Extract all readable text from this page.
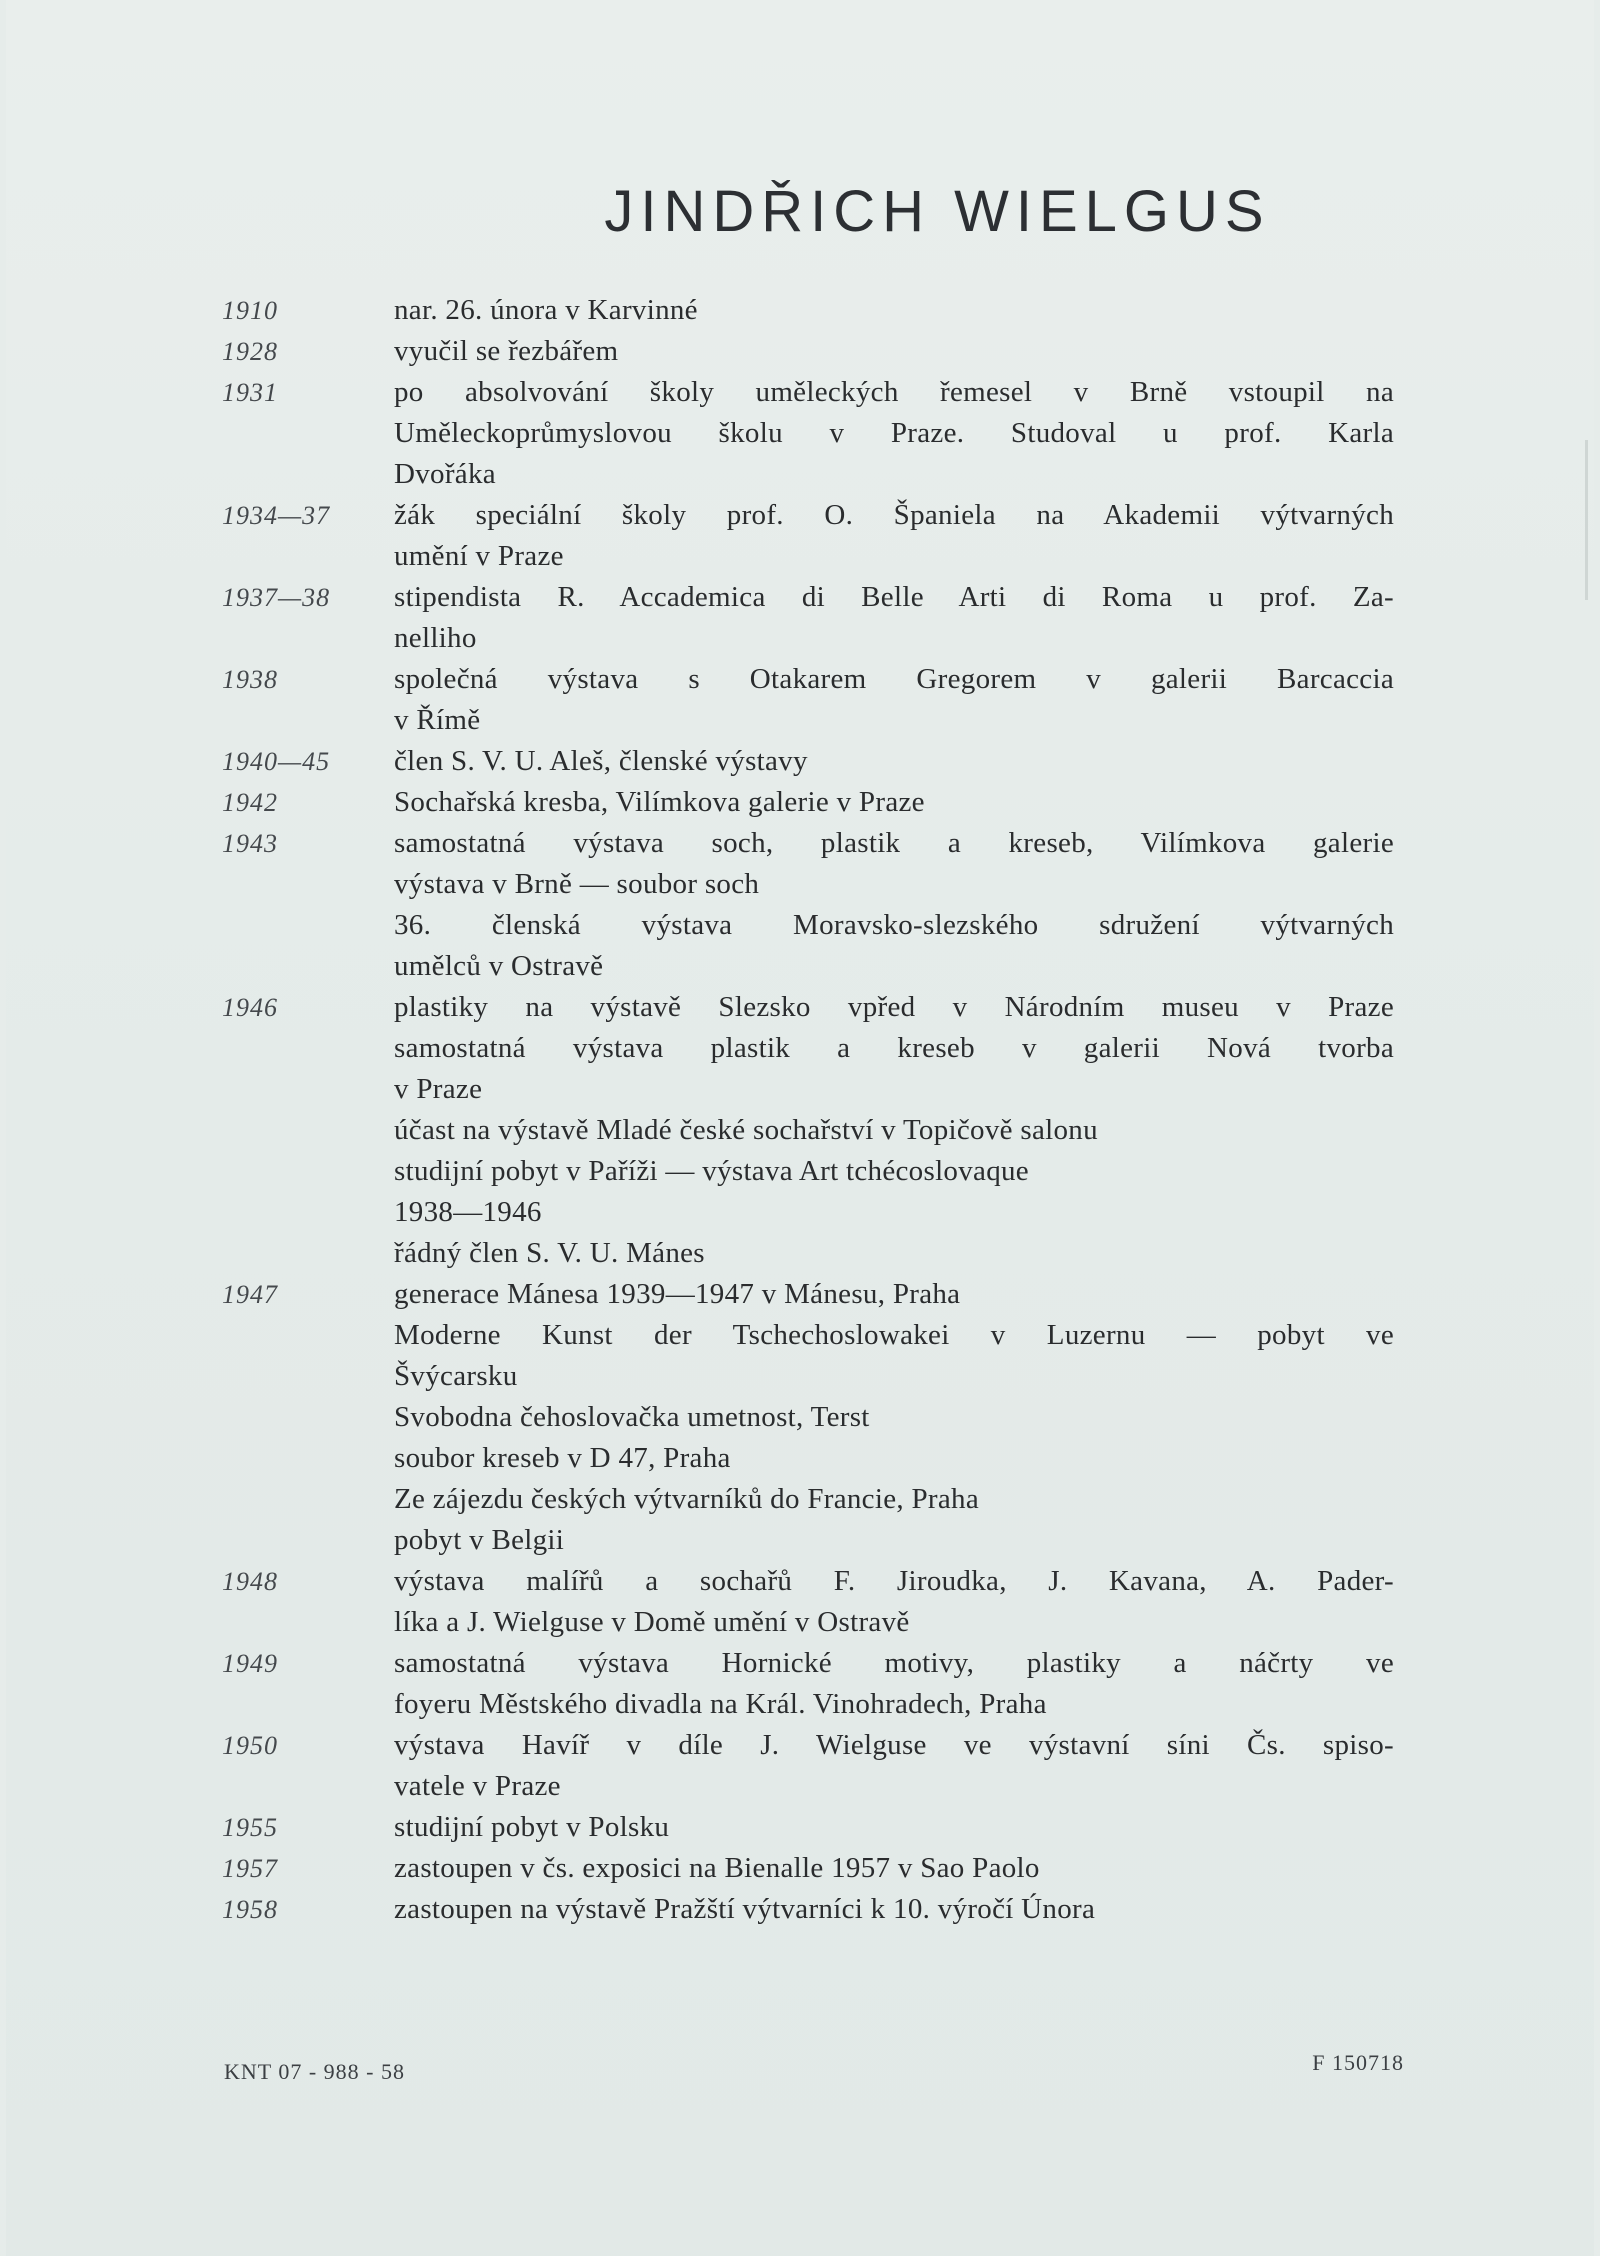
JINDŘICH WIELGUS
1910	nar. 26. února v Karvinné
1928	vyučil se řezbářem
1931	po absolvování školy uměleckých řemesel v Brně vstoupil na
Uměleckoprůmyslovou školu v Praze. Studoval u prof. Karla
Dvořáka
1934—37 žák speciální školy prof. O. Španiela na Akademii výtvarných
umění v Praze
1937—38 stipendista R. Accademica di Belle Arti di Roma u prof. Za-
nelliho
1938	společná výstava s Otakarem Gregorem v galerii Barcaccia
v Římě
1940—45 člen S. V. U. Aleš, členské výstavy
1942	Sochařská kresba, Vilímkova galerie v Praze
1943	samostatná výstava soch, plastik a kreseb, Vilímkova galerie
výstava v Brně — soubor soch
36. členská výstava Moravsko-slezského sdružení výtvarných
umělců v Ostravě
1946	plastiky na výstavě Slezsko vpřed v Národním museu v Praze
samostatná výstava plastik a kreseb v galerii Nová tvorba
v Praze
účast na výstavě Mladé české sochařství v Topičově salonu
studijní pobyt v Paříži — výstava Art tchécoslovaque
1938—1946
řádný člen S. V. U. Mánes
1947	generace Mánesa 1939—1947 v Mánesu, Praha
Moderne Kunst der Tschechoslowakei v Luzernu — pobyt ve
Švýcarsku
Svobodna čehoslovačka umetnost, Terst
soubor kreseb v D 47, Praha
Ze zájezdu českých výtvarníků do Francie, Praha
pobyt v Belgii
1948	výstava malířů a sochařů F. Jiroudka, J. Kavana, A. Pader-
líka a J. Wielguse v Domě umění v Ostravě
1949	samostatná výstava Hornické motivy, plastiky a náčrty ve
foyeru Městského divadla na Král. Vinohradech, Praha
1950	výstava Havíř v díle J. Wielguse ve výstavní síni Čs. spiso-
vatele v Praze
1955	studijní pobyt v Polsku
1957	zastoupen v čs. exposici na Bienalle 1957 v Sao Paolo
1958	zastoupen na výstavě Pražští výtvarníci k 10. výročí Února
KNT 07 - 988 - 58	F 150718
